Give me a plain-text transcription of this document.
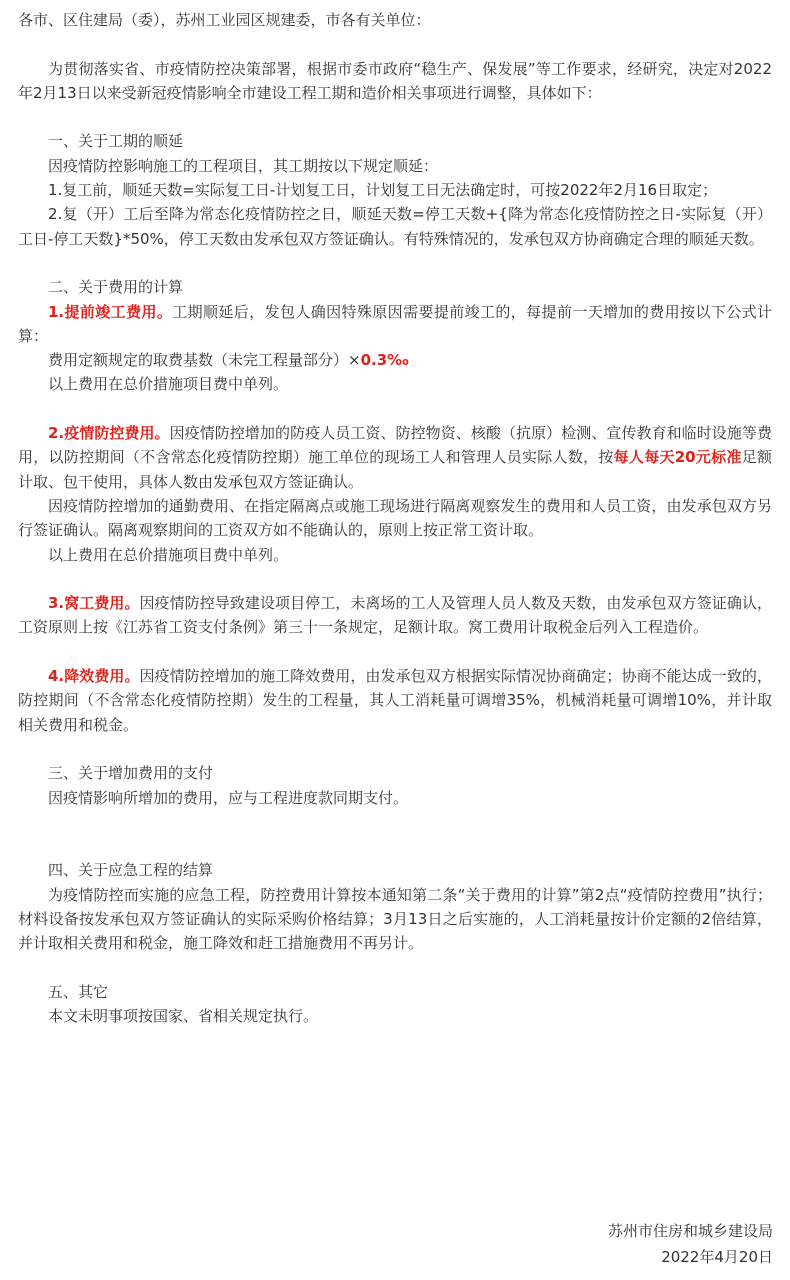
各市、区住建局（委），苏州工业园区规建委，市各有关单位：

为贯彻落实省、市疫情防控决策部署，根据市委市政府“稳生产、保发展”等工作要求，经研究，决定对2022年2月13日以来受新冠疫情影响全市建设工程工期和造价相关事项进行调整，具体如下：

一、关于工期的顺延

因疫情防控影响施工的工程项目，其工期按以下规定顺延：

1.复工前，顺延天数=实际复工日-计划复工日，计划复工日无法确定时，可按2022年2月16日取定；

2.复（开）工后至降为常态化疫情防控之日，顺延天数=停工天数+{降为常态化疫情防控之日-实际复（开）工日-停工天数}*50%，停工天数由发承包双方签证确认。有特殊情况的，发承包双方协商确定合理的顺延天数。

二、关于费用的计算

1.提前竣工费用。工期顺延后，发包人确因特殊原因需要提前竣工的，每提前一天增加的费用按以下公式计算：

费用定额规定的取费基数（未完工程量部分）×0.3‰

以上费用在总价措施项目费中单列。

2.疫情防控费用。因疫情防控增加的防疫人员工资、防控物资、核酸（抗原）检测、宣传教育和临时设施等费用，以防控期间（不含常态化疫情防控期）施工单位的现场工人和管理人员实际人数，按每人每天20元标准足额计取、包干使用，具体人数由发承包双方签证确认。

因疫情防控增加的通勤费用、在指定隔离点或施工现场进行隔离观察发生的费用和人员工资，由发承包双方另行签证确认。隔离观察期间的工资双方如不能确认的，原则上按正常工资计取。

以上费用在总价措施项目费中单列。

3.窝工费用。因疫情防控导致建设项目停工，未离场的工人及管理人员人数及天数，由发承包双方签证确认，工资原则上按《江苏省工资支付条例》第三十一条规定，足额计取。窝工费用计取税金后列入工程造价。

4.降效费用。因疫情防控增加的施工降效费用，由发承包双方根据实际情况协商确定；协商不能达成一致的，防控期间（不含常态化疫情防控期）发生的工程量，其人工消耗量可调增35%，机械消耗量可调增10%，并计取相关费用和税金。

三、关于增加费用的支付

因疫情影响所增加的费用，应与工程进度款同期支付。

四、关于应急工程的结算

为疫情防控而实施的应急工程，防控费用计算按本通知第二条“关于费用的计算”第2点“疫情防控费用”执行；材料设备按发承包双方签证确认的实际采购价格结算；3月13日之后实施的，人工消耗量按计价定额的2倍结算，并计取相关费用和税金，施工降效和赶工措施费用不再另计。

五、其它

本文未明事项按国家、省相关规定执行。

苏州市住房和城乡建设局
2022年4月20日
